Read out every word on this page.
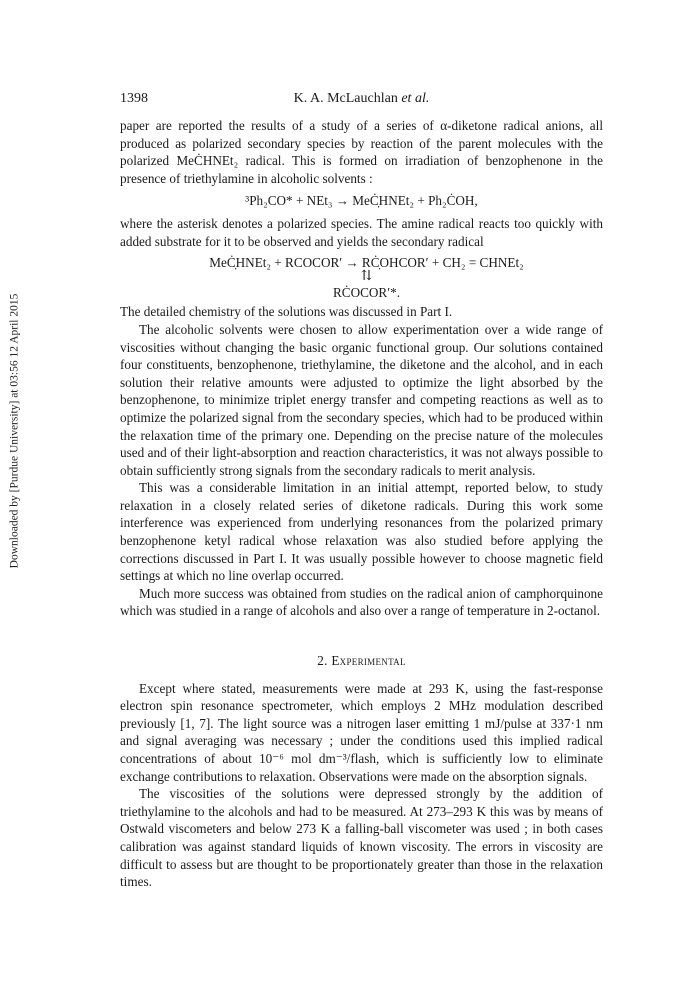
Downloaded by [Purdue University] at 03:56 12 April 2015
1398	K. A. McLauchlan et al.

paper are reported the results of a study of a series of α-diketone radical anions, all produced as polarized secondary species by reaction of the parent molecules with the polarized MeĊHNEt₂ radical. This is formed on irradiation of benzophenone in the presence of triethylamine in alcoholic solvents :

³Ph₂CO* + NEt₃ → MeĊ̣HNEt₂ + Ph₂ĊOH,

where the asterisk denotes a polarized species. The amine radical reacts too quickly with added substrate for it to be observed and yields the secondary radical

MeĊ̣HNEt₂ + RCOCOR′ → RĊ̣OHCOR′ + CH₂ = CHNEt₂
⇅
RĊOCOR′*.

The detailed chemistry of the solutions was discussed in Part I.

The alcoholic solvents were chosen to allow experimentation over a wide range of viscosities without changing the basic organic functional group. Our solutions contained four constituents, benzophenone, triethylamine, the diketone and the alcohol, and in each solution their relative amounts were adjusted to optimize the light absorbed by the benzophenone, to minimize triplet energy transfer and competing reactions as well as to optimize the polarized signal from the secondary species, which had to be produced within the relaxation time of the primary one. Depending on the precise nature of the molecules used and of their light-absorption and reaction characteristics, it was not always possible to obtain sufficiently strong signals from the secondary radicals to merit analysis.

This was a considerable limitation in an initial attempt, reported below, to study relaxation in a closely related series of diketone radicals. During this work some interference was experienced from underlying resonances from the polarized primary benzophenone ketyl radical whose relaxation was also studied before applying the corrections discussed in Part I. It was usually possible however to choose magnetic field settings at which no line overlap occurred.

Much more success was obtained from studies on the radical anion of camphorquinone which was studied in a range of alcohols and also over a range of temperature in 2-octanol.

2. Experimental

Except where stated, measurements were made at 293 K, using the fast-response electron spin resonance spectrometer, which employs 2 MHz modulation described previously [1, 7]. The light source was a nitrogen laser emitting 1 mJ/pulse at 337·1 nm and signal averaging was necessary ; under the conditions used this implied radical concentrations of about 10⁻⁶ mol dm⁻³/flash, which is sufficiently low to eliminate exchange contributions to relaxation. Observations were made on the absorption signals.

The viscosities of the solutions were depressed strongly by the addition of triethylamine to the alcohols and had to be measured. At 273–293 K this was by means of Ostwald viscometers and below 273 K a falling-ball viscometer was used ; in both cases calibration was against standard liquids of known viscosity. The errors in viscosity are difficult to assess but are thought to be proportionately greater than those in the relaxation times.
